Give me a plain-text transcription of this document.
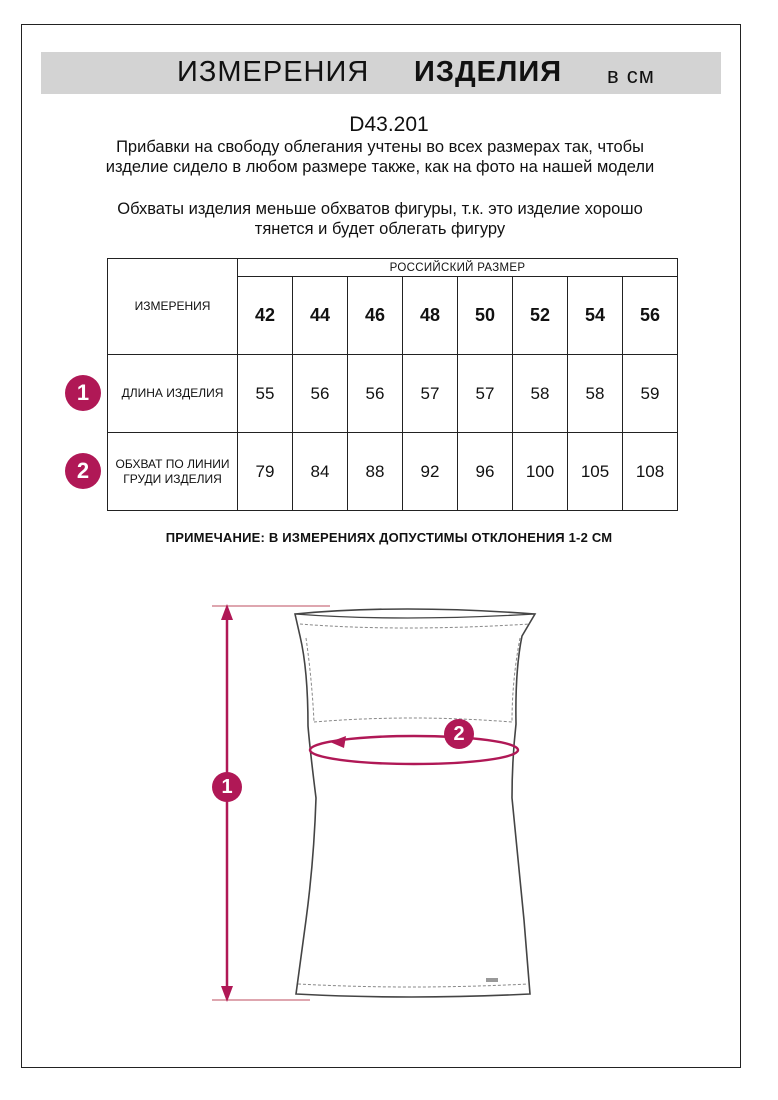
ИЗМЕРЕНИЯ ИЗДЕЛИЯ в см
D43.201
Прибавки на свободу облегания учтены во всех размерах так, чтобы изделие сидело в любом размере также, как на фото на нашей модели
Обхваты изделия меньше обхватов фигуры, т.к. это изделие хорошо тянется и будет облегать фигуру
ИЗМЕРЕНИЯ	РОССИЙСКИЙ РАЗМЕР							
	42	44	46	48	50	52	54	56
ДЛИНА ИЗДЕЛИЯ	55	56	56	57	57	58	58	59
ОБХВАТ ПО ЛИНИИ ГРУДИ ИЗДЕЛИЯ	79	84	88	92	96	100	105	108
1
2
ПРИМЕЧАНИЕ: В ИЗМЕРЕНИЯХ ДОПУСТИМЫ ОТКЛОНЕНИЯ 1-2 СМ
1
2
